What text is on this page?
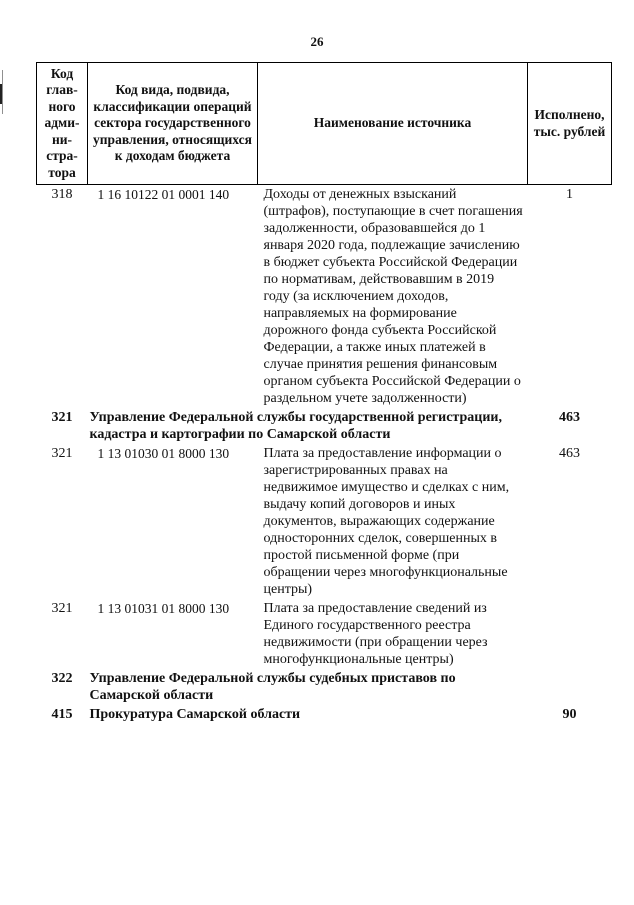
26
Код глав-ного адми-ни-стра-тора	Код вида, подвида, классификации операций сектора государственного управления, относящихся к доходам бюджета	Наименование источника	Исполнено, тыс. рублей
318	1 16 10122 01 0001 140	Доходы от денежных взысканий (штрафов), поступающие в счет погашения задолженности, образовавшейся до 1 января 2020 года, подлежащие зачислению в бюджет субъекта Российской Федерации по нормативам, действовавшим в 2019 году (за исключением доходов, направляемых на формирование дорожного фонда субъекта Российской Федерации, а также иных платежей в случае принятия решения финансовым органом субъекта Российской Федерации о раздельном учете задолженности)	1
321	Управление Федеральной службы государственной регистрации, кадастра и картографии по Самарской области		463
321	1 13 01030 01 8000 130	Плата за предоставление информации о зарегистрированных правах на недвижимое имущество и сделках с ним, выдачу копий договоров и иных документов, выражающих содержание односторонних сделок, совершенных в простой письменной форме (при обращении через многофункциональные центры)	463
321	1 13 01031 01 8000 130	Плата за предоставление сведений из Единого государственного реестра недвижимости (при обращении через многофункциональные центры)	
322	Управление Федеральной службы судебных приставов по Самарской области		
415	Прокуратура Самарской области		90
